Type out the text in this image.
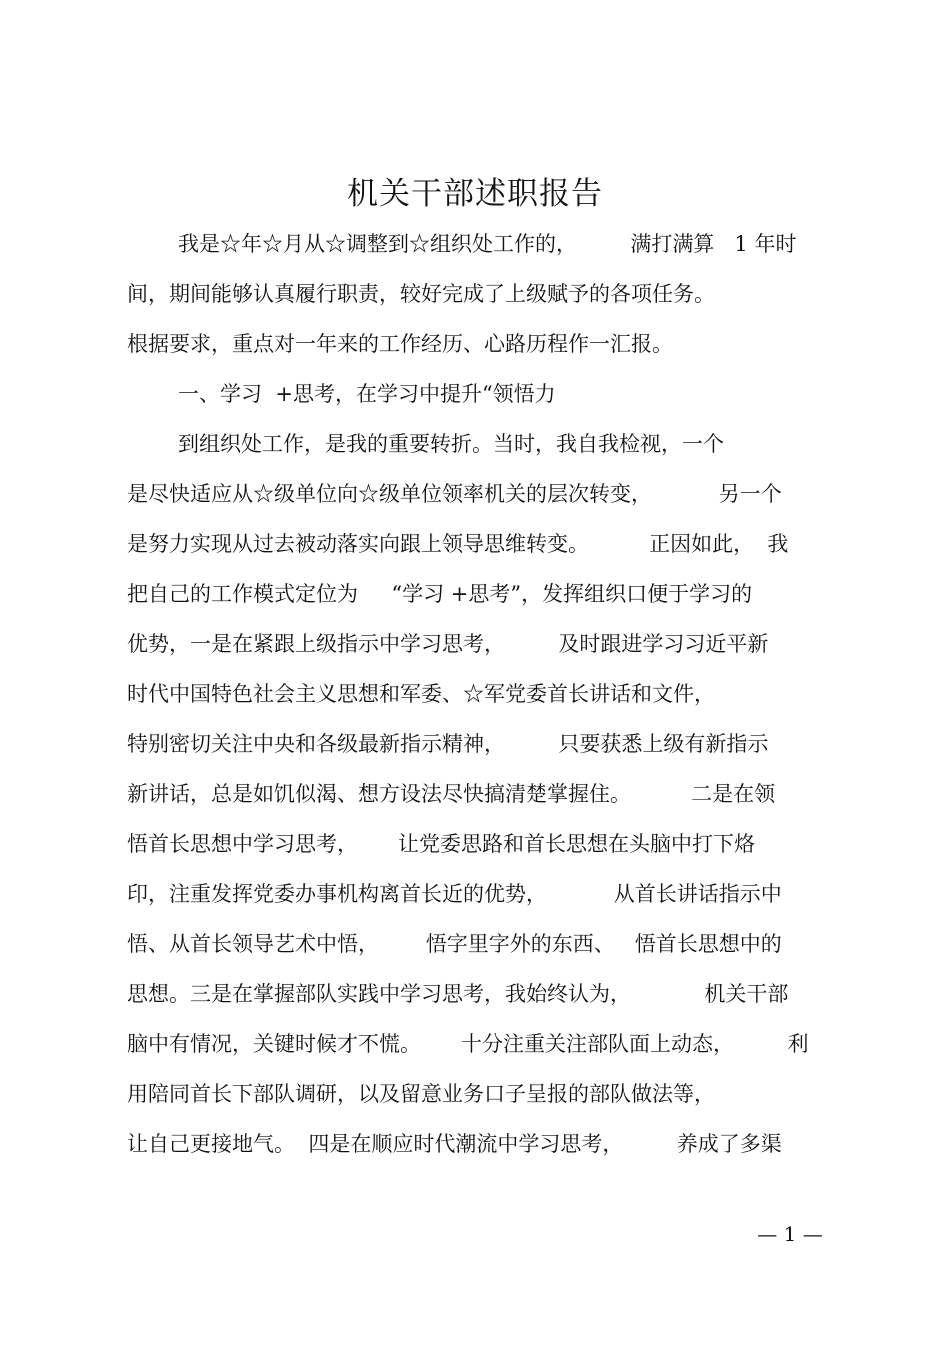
机关干部述职报告
我是☆年☆月从☆调整到☆组织处工作的，        满打满算   1 年时
间，期间能够认真履行职责，较好完成了上级赋予的各项任务。
根据要求，重点对一年来的工作经历、心路历程作一汇报。
一、学习  +思考，在学习中提升“领悟力
到组织处工作，是我的重要转折。当时，我自我检视，一个
是尽快适应从☆级单位向☆级单位领率机关的层次转变，          另一个
是努力实现从过去被动落实向跟上领导思维转变。         正因如此，  我
把自己的工作模式定位为     “学习 +思考”，发挥组织口便于学习的
优势，一是在紧跟上级指示中学习思考，        及时跟进学习习近平新
时代中国特色社会主义思想和军委、☆军党委首长讲话和文件，
特别密切关注中央和各级最新指示精神，        只要获悉上级有新指示
新讲话，总是如饥似渴、想方设法尽快搞清楚掌握住。         二是在领
悟首长思想中学习思考，      让党委思路和首长思想在头脑中打下烙
印，注重发挥党委办事机构离首长近的优势，          从首长讲话指示中
悟、从首长领导艺术中悟，       悟字里字外的东西、   悟首长思想中的
思想。三是在掌握部队实践中学习思考，我始终认为，           机关干部
脑中有情况，关键时候才不慌。      十分注重关注部队面上动态，        利
用陪同首长下部队调研，以及留意业务口子呈报的部队做法等，
让自己更接地气。  四是在顺应时代潮流中学习思考，        养成了多渠
— 1 —
